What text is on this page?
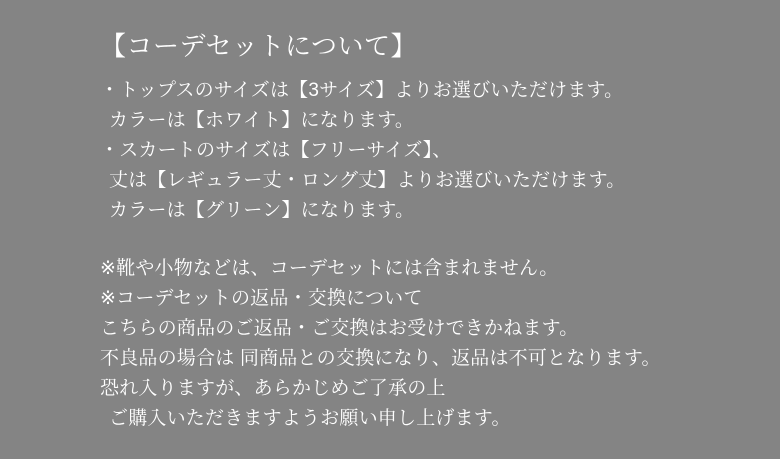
【コーデセットについて】
・トップスのサイズは【3サイズ】よりお選びいただけます。
カラーは【ホワイト】になります。
・スカートのサイズは【フリーサイズ】、
丈は【レギュラー丈・ロング丈】よりお選びいただけます。
カラーは【グリーン】になります。
※靴や小物などは、コーデセットには含まれません。
※コーデセットの返品・交換について
こちらの商品のご返品・ご交換はお受けできかねます。
不良品の場合は 同商品との交換になり、返品は不可となります。
恐れ入りますが、あらかじめご了承の上
ご購入いただきますようお願い申し上げます。
